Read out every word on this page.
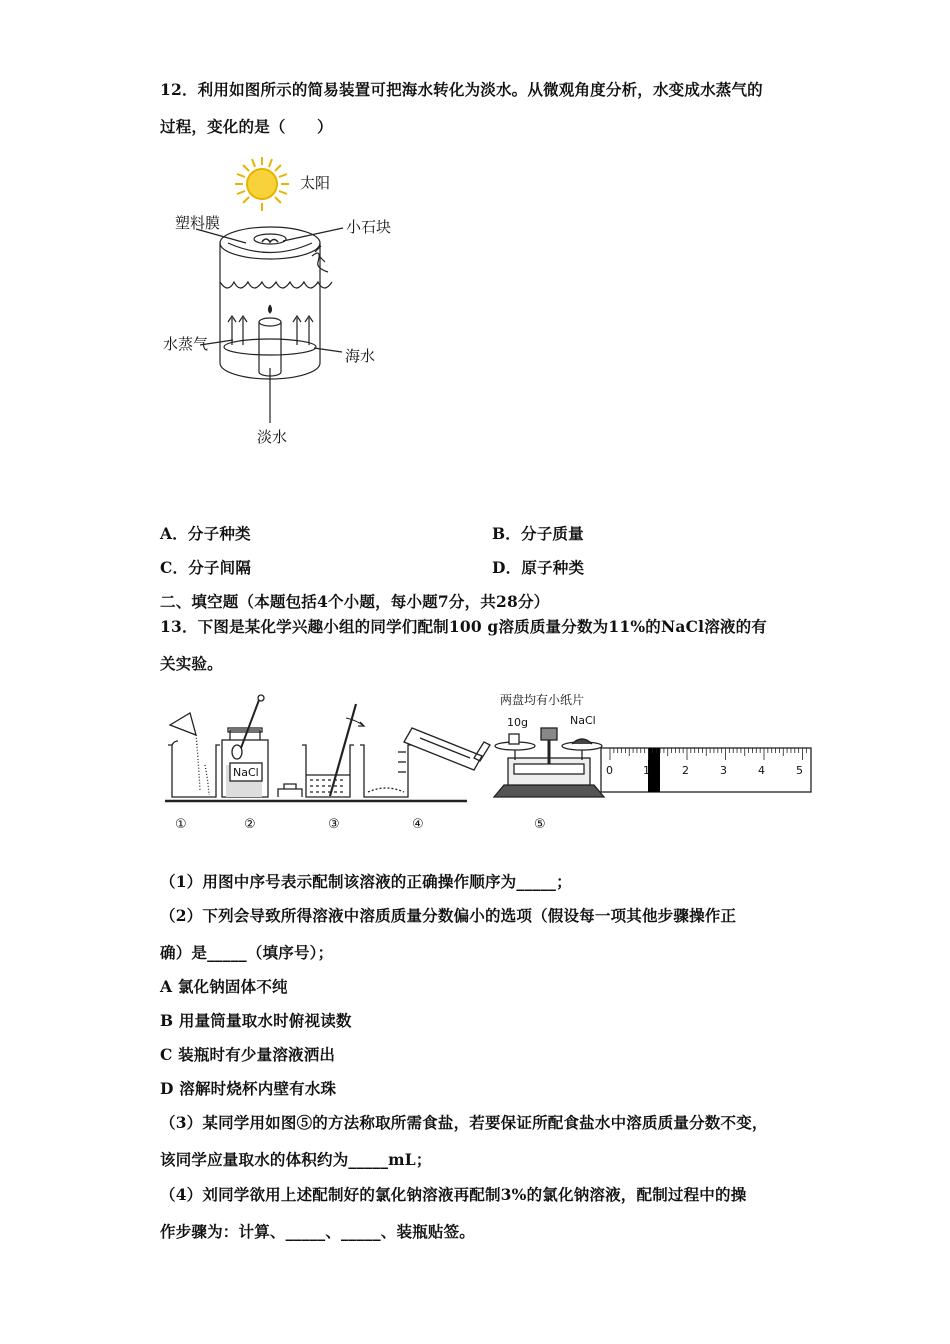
12．利用如图所示的简易装置可把海水转化为淡水。从微观角度分析，水变成水蒸气的
过程，变化的是（　　）
太阳
塑料膜	小石块
水蒸气
海水
淡水
A．分子种类	B．分子质量
C．分子间隔	D．原子种类
二、填空题（本题包括4个小题，每小题7分，共28分）
13．下图是某化学兴趣小组的同学们配制100 g溶质质量分数为11%的NaCl溶液的有
关实验。
两盘均有小纸片
10g	NaCl
NaCl
①	②	③	④	⑤
0	1	2	3	4	5
（1）用图中序号表示配制该溶液的正确操作顺序为_____；
（2）下列会导致所得溶液中溶质质量分数偏小的选项（假设每一项其他步骤操作正
确）是_____（填序号）；
A 氯化钠固体不纯
B 用量筒量取水时俯视读数
C 装瓶时有少量溶液洒出
D 溶解时烧杯内壁有水珠
（3）某同学用如图⑤的方法称取所需食盐，若要保证所配食盐水中溶质质量分数不变，
该同学应量取水的体积约为_____mL；
（4）刘同学欲用上述配制好的氯化钠溶液再配制3%的氯化钠溶液，配制过程中的操
作步骤为：计算、_____、_____、装瓶贴签。
